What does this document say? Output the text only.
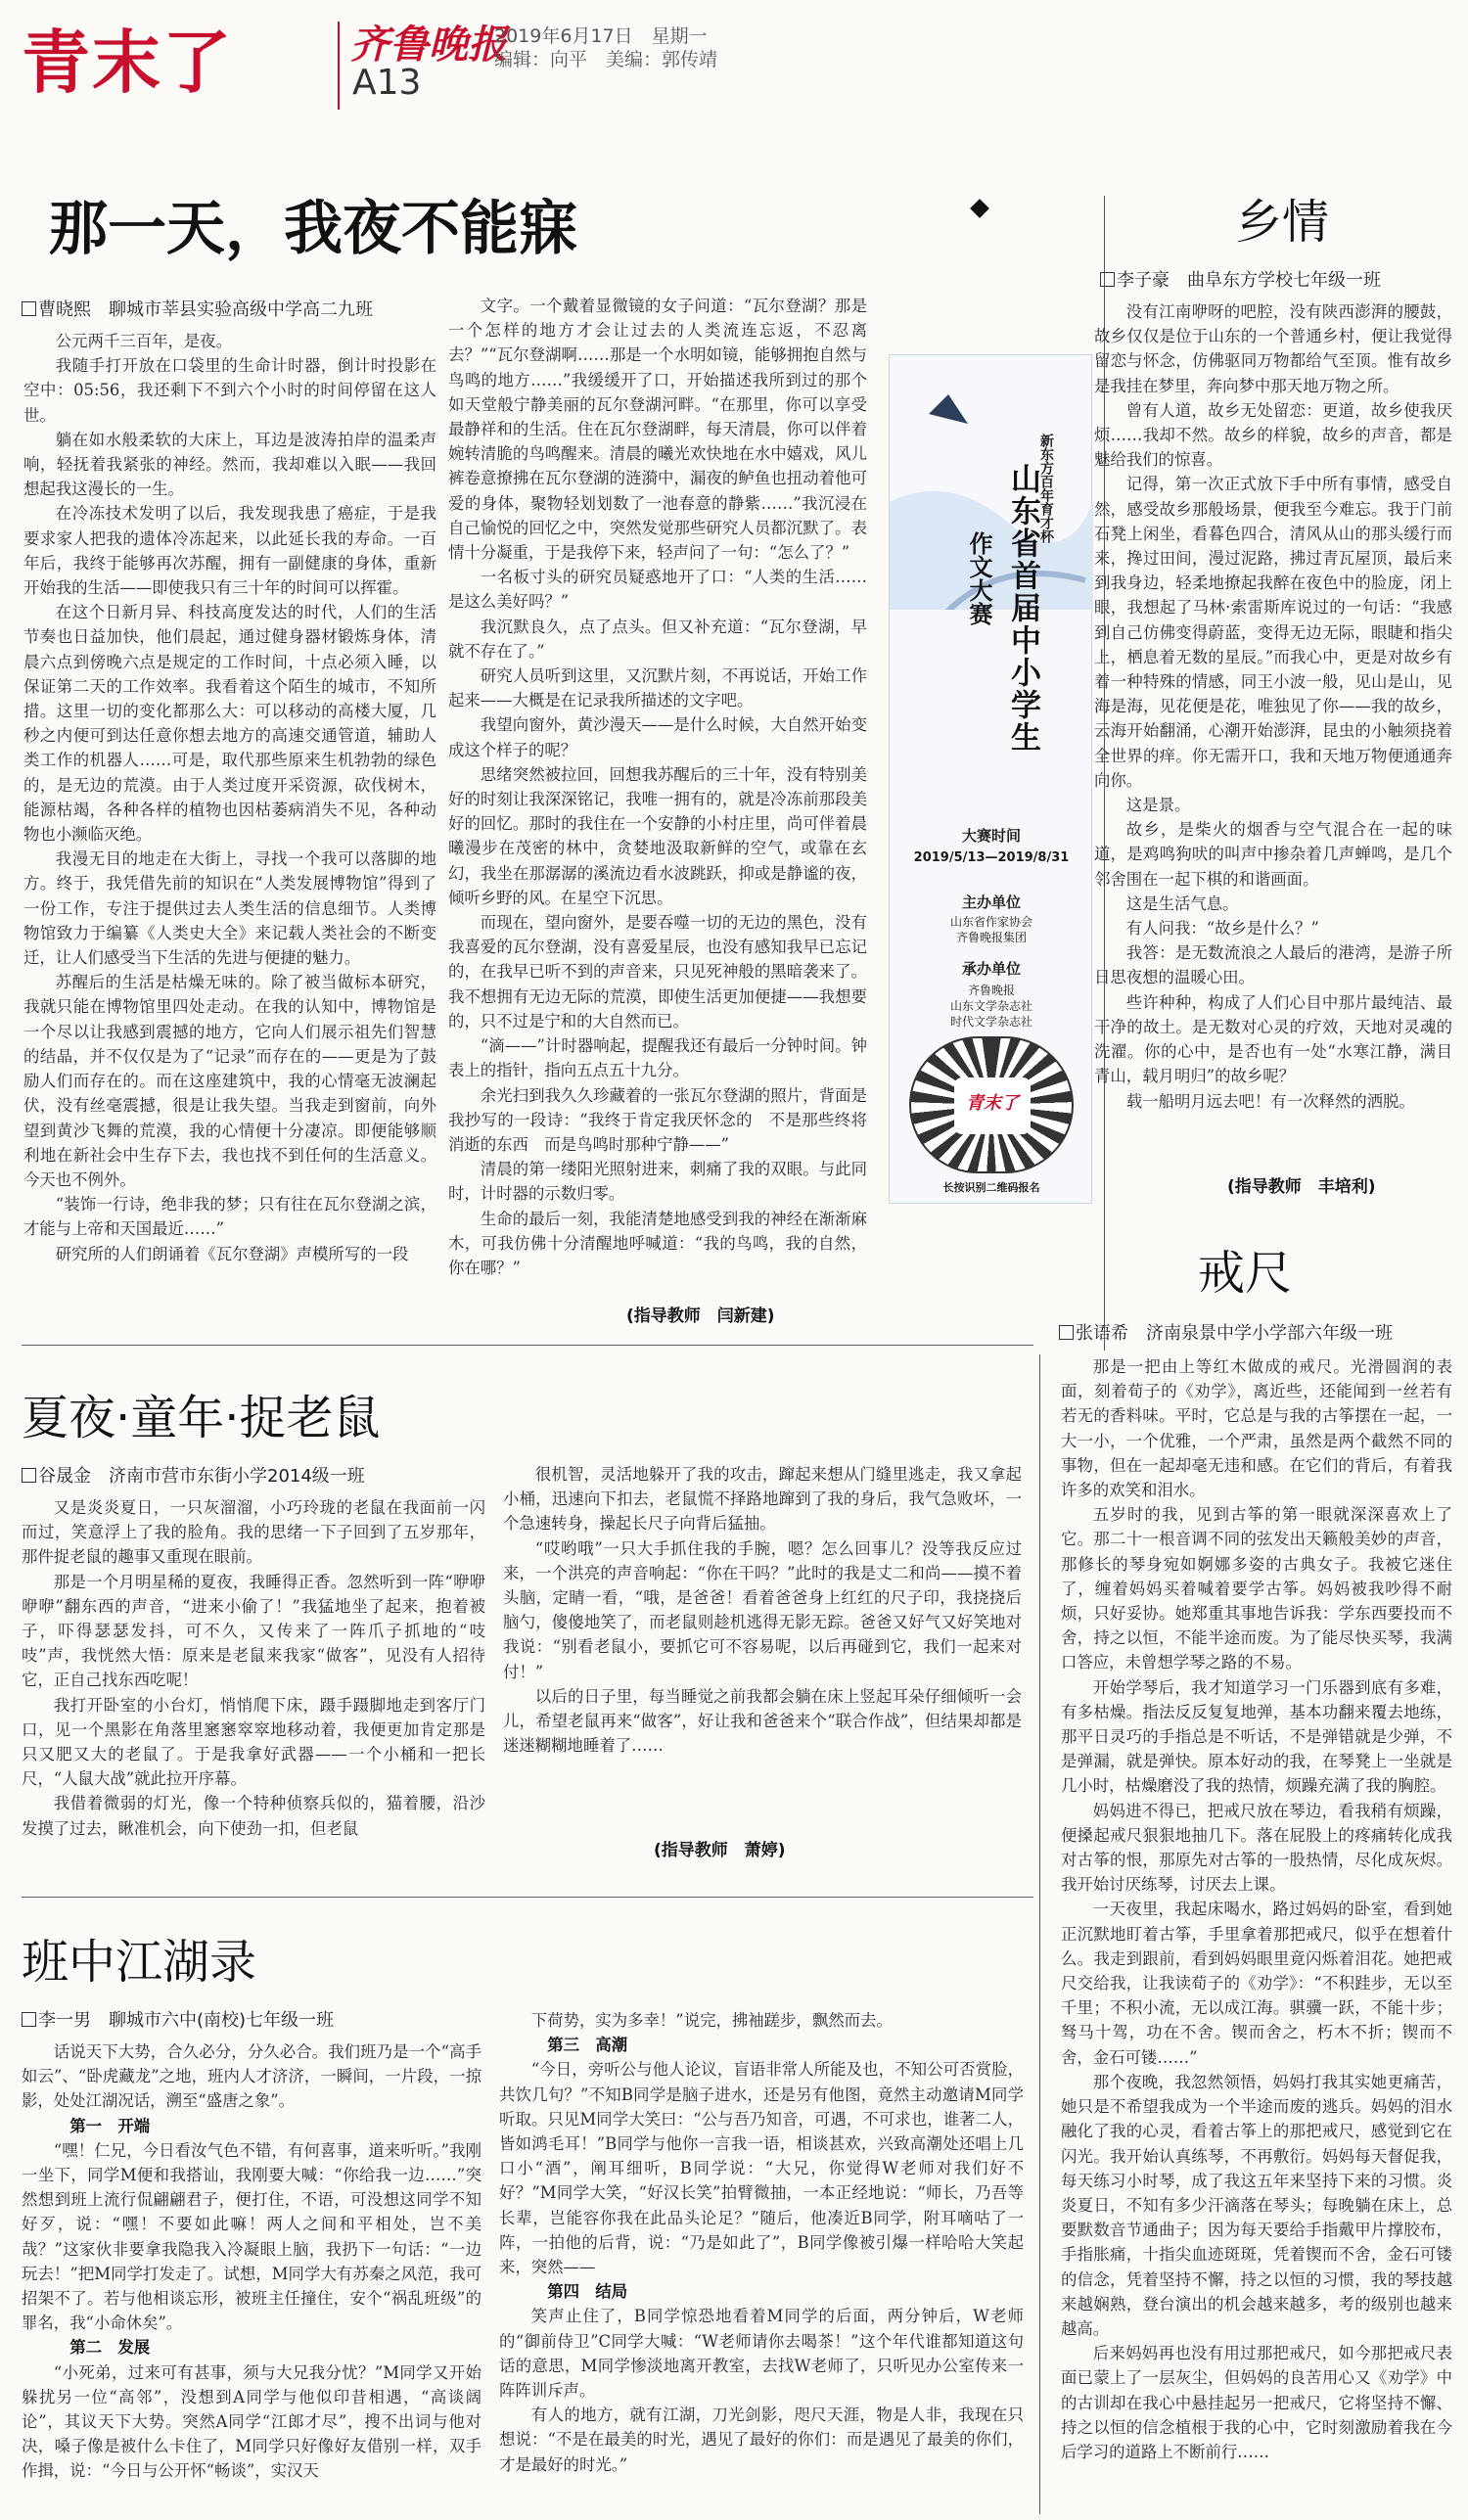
青末了	齐鲁晚报
A13
2019年6月17日　星期一
编辑：向平　美编：郭传靖
那一天，我夜不能寐
曹晓熙　聊城市莘县实验高级中学高二九班

公元两千三百年，是夜。

我随手打开放在口袋里的生命计时器，倒计时投影在空中：05:56，我还剩下不到六个小时的时间停留在这人世。

躺在如水般柔软的大床上，耳边是波涛拍岸的温柔声响，轻抚着我紧张的神经。然而，我却难以入眠——我回想起我这漫长的一生。

在冷冻技术发明了以后，我发现我患了癌症，于是我要求家人把我的遗体冷冻起来，以此延长我的寿命。一百年后，我终于能够再次苏醒，拥有一副健康的身体，重新开始我的生活——即使我只有三十年的时间可以挥霍。

在这个日新月异、科技高度发达的时代，人们的生活节奏也日益加快，他们晨起，通过健身器材锻炼身体，清晨六点到傍晚六点是规定的工作时间，十点必须入睡，以保证第二天的工作效率。我看着这个陌生的城市，不知所措。这里一切的变化都那么大：可以移动的高楼大厦，几秒之内便可到达任意你想去地方的高速交通管道，辅助人类工作的机器人……可是，取代那些原来生机勃勃的绿色的，是无边的荒漠。由于人类过度开采资源，砍伐树木，能源枯竭，各种各样的植物也因枯萎病消失不见，各种动物也小濒临灭绝。

我漫无目的地走在大街上，寻找一个我可以落脚的地方。终于，我凭借先前的知识在“人类发展博物馆”得到了一份工作，专注于提供过去人类生活的信息细节。人类博物馆致力于编纂《人类史大全》来记载人类社会的不断变迁，让人们感受当下生活的先进与便捷的魅力。

苏醒后的生活是枯燥无味的。除了被当做标本研究，我就只能在博物馆里四处走动。在我的认知中，博物馆是一个尽以让我感到震撼的地方，它向人们展示祖先们智慧的结晶，并不仅仅是为了“记录”而存在的——更是为了鼓励人们而存在的。而在这座建筑中，我的心情毫无波澜起伏，没有丝毫震撼，很是让我失望。当我走到窗前，向外望到黄沙飞舞的荒漠，我的心情便十分凄凉。即便能够顺利地在新社会中生存下去，我也找不到任何的生活意义。今天也不例外。

“装饰一行诗，绝非我的梦；只有往在瓦尔登湖之滨，才能与上帝和天国最近……”

研究所的人们朗诵着《瓦尔登湖》声模所写的一段

文字。一个戴着显微镜的女子问道：“瓦尔登湖？那是一个怎样的地方才会让过去的人类流连忘返，不忍离去？”“瓦尔登湖啊……那是一个水明如镜，能够拥抱自然与鸟鸣的地方……”我缓缓开了口，开始描述我所到过的那个如天堂般宁静美丽的瓦尔登湖河畔。“在那里，你可以享受最静祥和的生活。住在瓦尔登湖畔，每天清晨，你可以伴着婉转清脆的鸟鸣醒来。清晨的曦光欢快地在水中嬉戏，风儿裤卷意撩拂在瓦尔登湖的涟漪中，漏夜的鲈鱼也扭动着他可爱的身体，聚物轻划划数了一池春意的静紫……”我沉浸在自己愉悦的回忆之中，突然发觉那些研究人员都沉默了。表情十分凝重，于是我停下来，轻声问了一句：“怎么了？”

一名板寸头的研究员疑惑地开了口：“人类的生活……是这么美好吗？”

我沉默良久，点了点头。但又补充道：“瓦尔登湖，早就不存在了。”

研究人员听到这里，又沉默片刻，不再说话，开始工作起来——大概是在记录我所描述的文字吧。

我望向窗外，黄沙漫天——是什么时候，大自然开始变成这个样子的呢？

思绪突然被拉回，回想我苏醒后的三十年，没有特别美好的时刻让我深深铭记，我唯一拥有的，就是冷冻前那段美好的回忆。那时的我住在一个安静的小村庄里，尚可伴着晨曦漫步在茂密的林中，贪婪地汲取新鲜的空气，或靠在玄幻，我坐在那潺潺的溪流边看水波跳跃，抑或是静谧的夜，倾听乡野的风。在星空下沉思。

而现在，望向窗外，是要吞噬一切的无边的黑色，没有我喜爱的瓦尔登湖，没有喜爱星辰，也没有感知我早已忘记的，在我早已听不到的声音来，只见死神般的黑暗袭来了。我不想拥有无边无际的荒漠，即使生活更加便捷——我想要的，只不过是宁和的大自然而已。

“滴——”计时器响起，提醒我还有最后一分钟时间。钟表上的指针，指向五点五十九分。

余光扫到我久久珍藏着的一张瓦尔登湖的照片，背面是我抄写的一段诗：“我终于肯定我厌怀念的　不是那些终将消逝的东西　而是鸟鸣时那种宁静——”

清晨的第一缕阳光照射进来，刺痛了我的双眼。与此同时，计时器的示数归零。

生命的最后一刻，我能清楚地感受到我的神经在渐渐麻木，可我仿佛十分清醒地呼喊道：“我的鸟鸣，我的自然，你在哪？”

(指导教师　闫新建)
新东方百年育才杯
山东省首届中小学生
作文大赛
大赛时间
2019/5/13—2019/8/31
主办单位
山东省作家协会
齐鲁晚报集团
承办单位
齐鲁晚报
山东文学杂志社
时代文学杂志社
青末了
长按识别二维码报名
乡情
李子豪　曲阜东方学校七年级一班

没有江南咿呀的吧腔，没有陕西澎湃的腰鼓，故乡仅仅是位于山东的一个普通乡村，便让我觉得留恋与怀念，仿佛驱同万物都给气至顶。惟有故乡是我挂在梦里，奔向梦中那天地万物之所。

曾有人道，故乡无处留恋：更道，故乡使我厌烦……我却不然。故乡的样貌，故乡的声音，都是魅给我们的惊喜。

记得，第一次正式放下手中所有事情，感受自然，感受故乡那般场景，便我至今难忘。我于门前石凳上闲坐，看暮色四合，清风从山的那头缓行而来，搀过田间，漫过泥路，拂过青瓦屋顶，最后来到我身边，轻柔地撩起我醉在夜色中的脸庞，闭上眼，我想起了马林·索雷斯库说过的一句话：“我感到自己仿佛变得蔚蓝，变得无边无际，眼睫和指尖上，栖息着无数的星辰。”而我心中，更是对故乡有着一种特殊的情感，同王小波一般，见山是山，见海是海，见花便是花，唯独见了你——我的故乡，云海开始翻涌，心潮开始澎湃，昆虫的小触须挠着全世界的痒。你无需开口，我和天地万物便通通奔向你。

这是景。

故乡，是柴火的烟香与空气混合在一起的味道，是鸡鸣狗吠的叫声中掺杂着几声蝉鸣，是几个邻舍围在一起下棋的和谐画面。

这是生活气息。

有人问我：“故乡是什么？”

我答：是无数流浪之人最后的港湾，是游子所日思夜想的温暖心田。

些许种种，构成了人们心目中那片最纯洁、最干净的故土。是无数对心灵的疗效，天地对灵魂的洗濯。你的心中，是否也有一处“水寒江静，满目青山，载月明归”的故乡呢？

载一船明月远去吧！有一次释然的洒脱。

(指导教师　丰培利)
戒尺
张语希　济南泉景中学小学部六年级一班

那是一把由上等红木做成的戒尺。光滑圆润的表面，刻着荀子的《劝学》，离近些，还能闻到一丝若有若无的香料味。平时，它总是与我的古筝摆在一起，一大一小，一个优雅，一个严肃，虽然是两个截然不同的事物，但在一起却毫无违和感。在它们的背后，有着我许多的欢笑和泪水。

五岁时的我，见到古筝的第一眼就深深喜欢上了它。那二十一根音调不同的弦发出天籁般美妙的声音，那修长的琴身宛如婀娜多姿的古典女子。我被它迷住了，缠着妈妈买着喊着要学古筝。妈妈被我吵得不耐烦，只好妥协。她郑重其事地告诉我：学东西要投而不舍，持之以恒，不能半途而废。为了能尽快买琴，我满口答应，未曾想学琴之路的不易。

开始学琴后，我才知道学习一门乐器到底有多难，有多枯燥。指法反反复复地弹，基本功翻来覆去地练，那平日灵巧的手指总是不听话，不是弹错就是少弹，不是弹漏，就是弹快。原本好动的我，在琴凳上一坐就是几小时，枯燥磨没了我的热情，烦躁充满了我的胸腔。

妈妈进不得已，把戒尺放在琴边，看我稍有烦躁，便搡起戒尺狠狠地抽几下。落在屁股上的疼痛转化成我对古筝的恨，那原先对古筝的一股热情，尽化成灰烬。我开始讨厌练琴，讨厌去上课。

一天夜里，我起床喝水，路过妈妈的卧室，看到她正沉默地盯着古筝，手里拿着那把戒尺，似乎在想着什么。我走到跟前，看到妈妈眼里竟闪烁着泪花。她把戒尺交给我，让我读荀子的《劝学》：“不积跬步，无以至千里；不积小流，无以成江海。骐骥一跃，不能十步；驽马十驾，功在不舍。锲而舍之，朽木不折；锲而不舍，金石可镂……”

那个夜晚，我忽然领悟，妈妈打我其实她更痛苦，她只是不希望我成为一个半途而废的逃兵。妈妈的泪水融化了我的心灵，看着古筝上的那把戒尺，感觉到它在闪光。我开始认真练琴，不再敷衍。妈妈每天督促我，每天练习小时琴，成了我这五年来坚持下来的习惯。炎炎夏日，不知有多少汗滴落在琴头；每晚躺在床上，总要默数音节通曲子；因为每天要给手指戴甲片撑胶布，手指胀痛，十指尖血迹斑斑，凭着锲而不舍，金石可镂的信念，凭着坚持不懈，持之以恒的习惯，我的琴技越来越娴熟，登台演出的机会越来越多，考的级别也越来越高。

后来妈妈再也没有用过那把戒尺，如今那把戒尺表面已蒙上了一层灰尘，但妈妈的良苦用心又《劝学》中的古训却在我心中悬挂起另一把戒尺，它将坚持不懈、持之以恒的信念植根于我的心中，它时刻激励着我在今后学习的道路上不断前行……

夏夜·童年·捉老鼠
谷晟金　济南市营市东街小学2014级一班

又是炎炎夏日，一只灰溜溜，小巧玲珑的老鼠在我面前一闪而过，笑意浮上了我的脸角。我的思绪一下子回到了五岁那年，那件捉老鼠的趣事又重现在眼前。

那是一个月明星稀的夏夜，我睡得正香。忽然听到一阵“咿咿咿咿”翻东西的声音，“进来小偷了！”我猛地坐了起来，抱着被子，吓得瑟瑟发抖，可不久，又传来了一阵爪子抓地的“吱吱”声，我恍然大悟：原来是老鼠来我家“做客”，见没有人招待它，正自己找东西吃呢！

我打开卧室的小台灯，悄悄爬下床，蹑手蹑脚地走到客厅门口，见一个黑影在角落里窸窸窣窣地移动着，我便更加肯定那是只又肥又大的老鼠了。于是我拿好武器——一个小桶和一把长尺，“人鼠大战”就此拉开序幕。

我借着微弱的灯光，像一个特种侦察兵似的，猫着腰，沿沙发摸了过去，瞅准机会，向下使劲一扣，但老鼠

很机智，灵活地躲开了我的攻击，蹿起来想从门缝里逃走，我又拿起小桶，迅速向下扣去，老鼠慌不择路地蹿到了我的身后，我气急败坏，一个急速转身，操起长尺子向背后猛抽。

“哎哟哦”一只大手抓住我的手腕，嗯？怎么回事儿？没等我反应过来，一个洪亮的声音响起：“你在干吗？”此时的我是丈二和尚——摸不着头脑，定睛一看，“哦，是爸爸！看着爸爸身上红红的尺子印，我挠挠后脑勺，傻傻地笑了，而老鼠则趁机逃得无影无踪。爸爸又好气又好笑地对我说：“别看老鼠小，要抓它可不容易呢，以后再碰到它，我们一起来对付！”

以后的日子里，每当睡觉之前我都会躺在床上竖起耳朵仔细倾听一会儿，希望老鼠再来“做客”，好让我和爸爸来个“联合作战”，但结果却都是迷迷糊糊地睡着了……

(指导教师　萧婷)
班中江湖录
李一男　聊城市六中(南校)七年级一班

话说天下大势，合久必分，分久必合。我们班乃是一个“高手如云”、“卧虎藏龙”之地，班内人才济济，一瞬间，一片段，一掠影，处处江湖况话，溯至“盛唐之象”。

第一　开端

“嘿！仁兄，今日看汝气色不错，有何喜事，道来听听。”我刚一坐下，同学M便和我搭讪，我刚要大喊：“你给我一边……”突然想到班上流行侃翩翩君子，便打住，不语，可没想这同学不知好歹，说：“嘿！不要如此嘛！两人之间和平相处，岂不美哉？”这家伙非要拿我隐我入冷凝眼上脑，我扔下一句话：“一边玩去！”把M同学打发走了。试想，M同学大有苏秦之风范，我可招架不了。若与他相谈忘形，被班主任撞住，安个“祸乱班级”的罪名，我“小命休矣”。

第二　发展

“小死弟，过来可有甚事，须与大兄我分忧？”M同学又开始躲扰另一位“高邻”，没想到A同学与他似印昔相遇，“高谈阔论”，其议天下大势。突然A同学“江郎才尽”，搜不出词与他对决，嗓子像是被什么卡住了，M同学只好像好友借别一样，双手作揖，说：“今日与公开怀“畅谈”，实汉天

下荷势，实为多幸！”说完，拂袖蹉步，飘然而去。

第三　高潮

“今日，旁听公与他人论议，盲语非常人所能及也，不知公可否赏脸，共饮几句？”不知B同学是脑子进水，还是另有他图，竟然主动邀请M同学听取。只见M同学大笑曰：“公与吾乃知音，可遇，不可求也，谁著二人，皆如鸿毛耳！”B同学与他你一言我一语，相谈甚欢，兴致高潮处还唱上几口小“酒”，阐耳细听，B同学说：“大兄，你觉得W老师对我们好不好？”M同学大笑，“好汉长笑”拍臂微抽，一本正经地说：“师长，乃吾等长辈，岂能容你我在此品头论足？”随后，他凑近B同学，附耳嘀咕了一阵，一拍他的后背，说：“乃是如此了”，B同学像被引爆一样哈哈大笑起来，突然——

第四　结局

笑声止住了，B同学惊恐地看着M同学的后面，两分钟后，W老师的“御前侍卫”C同学大喊：“W老师请你去喝茶！”这个年代谁都知道这句话的意思，M同学惨淡地离开教室，去找W老师了，只听见办公室传来一阵阵训斥声。

有人的地方，就有江湖，刀光剑影，咫尺天涯，物是人非，我现在只想说：“不是在最美的时光，遇见了最好的你们：而是遇见了最美的你们，才是最好的时光。”
